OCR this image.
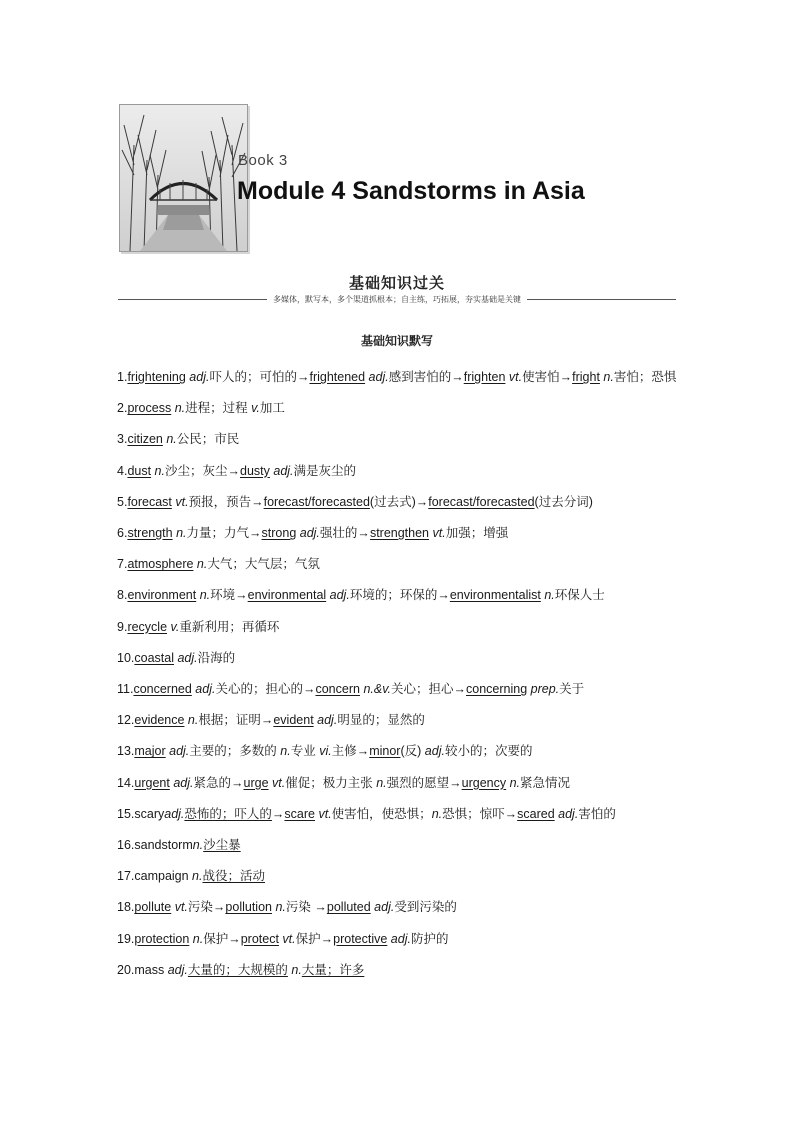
Book 3
Module 4 Sandstorms in Asia
基础知识过关
多媒体，默写本，多个渠道抓根本；自主练，巧拓展，夯实基础是关键
基础知识默写
1.frightening adj.吓人的；可怕的→frightened adj.感到害怕的→frighten vt.使害怕→fright n.害怕；恐惧
2.process n.进程；过程 v.加工
3.citizen n.公民；市民
4.dust n.沙尘；灰尘→dusty adj.满是灰尘的
5.forecast vt.预报，预告→forecast/forecasted(过去式)→forecast/forecasted(过去分词)
6.strength n.力量；力气→strong adj.强壮的→strengthen vt.加强；增强
7.atmosphere n.大气；大气层；气氛
8.environment n.环境→environmental adj.环境的；环保的→environmentalist n.环保人士
9.recycle v.重新利用；再循环
10.coastal adj.沿海的
11.concerned adj.关心的；担心的→concern n.&v.关心；担心→concerning prep.关于
12.evidence n.根据；证明→evident adj.明显的；显然的
13.major adj.主要的；多数的 n.专业 vi.主修→minor(反) adj.较小的；次要的
14.urgent adj.紧急的→urge vt.催促；极力主张 n.强烈的愿望→urgency n.紧急情况
15.scaryadj.恐怖的；吓人的→scare vt.使害怕，使恐惧；n.恐惧；惊吓→scared adj.害怕的
16.sandstormn.沙尘暴
17.campaign n.战役；活动
18.pollute vt.污染→pollution n.污染 →polluted adj.受到污染的
19.protection n.保护→protect vt.保护→protective adj.防护的
20.mass adj.大量的；大规模的 n.大量；许多
